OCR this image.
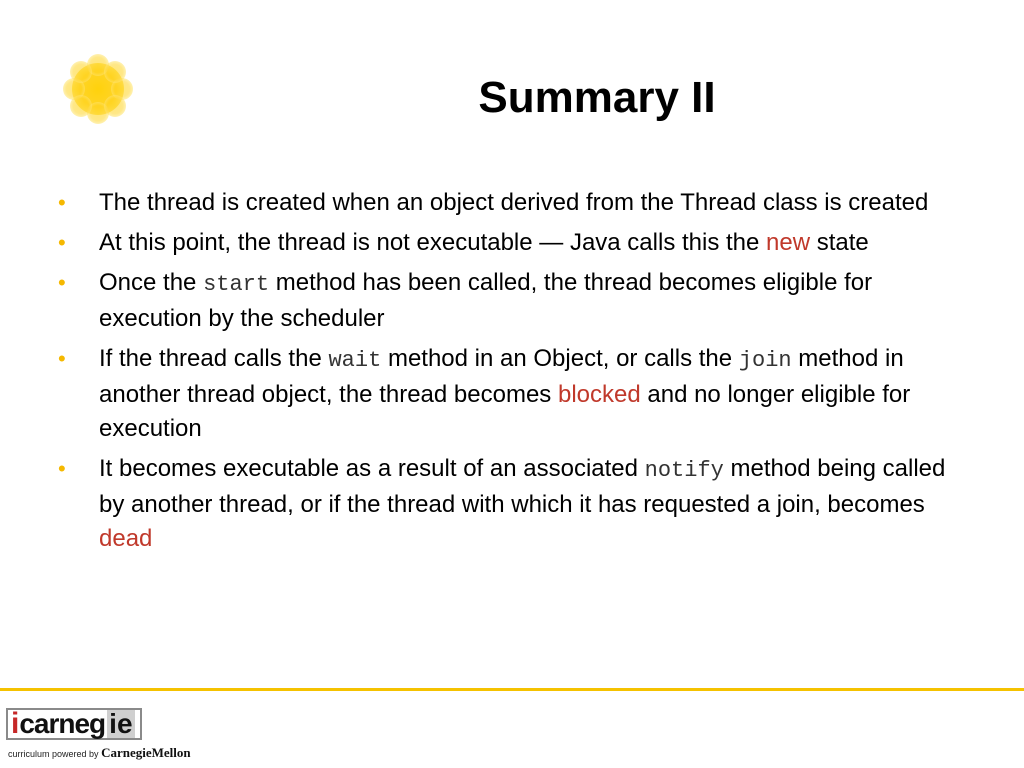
Summary II
• The thread is created when an object derived from the Thread class is created
• At this point, the thread is not executable — Java calls this the new state
• Once the start method has been called, the thread becomes eligible for execution by the scheduler
• If the thread calls the wait method in an Object, or calls the join method in another thread object, the thread becomes blocked and no longer eligible for execution
• It becomes executable as a result of an associated notify method being called by another thread, or if the thread with which it has requested a join, becomes dead
i carneg ie
curriculum powered by CarnegieMellon
